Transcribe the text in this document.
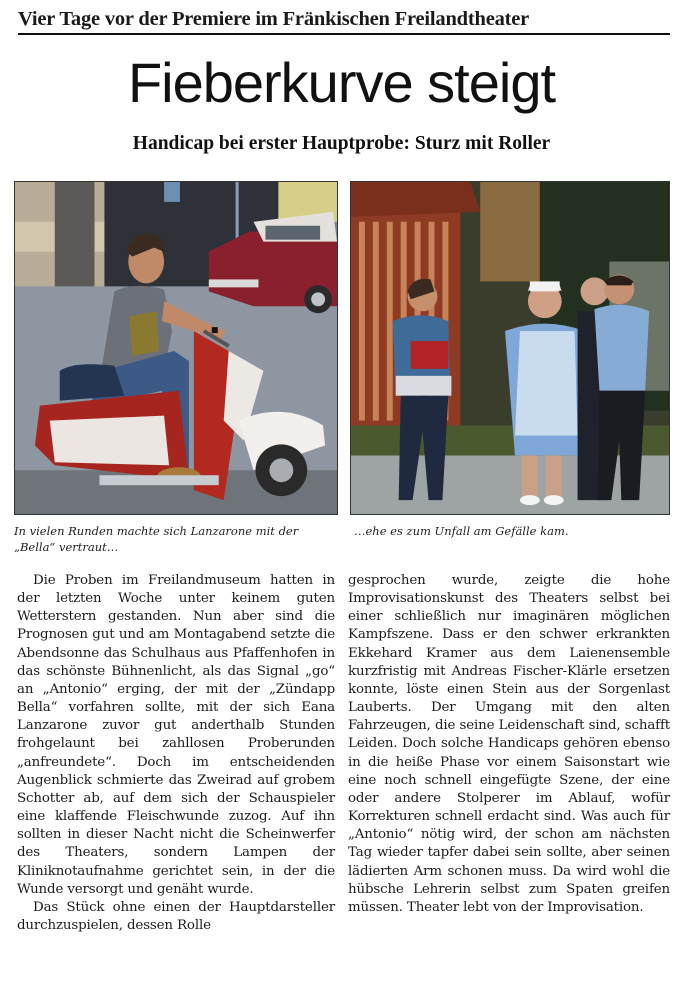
Vier Tage vor der Premiere im Fränkischen Freilandtheater
Fieberkurve steigt
Handicap bei erster Hauptprobe: Sturz mit Roller
In vielen Runden machte sich Lanzarone mit der „Bella“ vertraut…
…ehe es zum Unfall am Gefälle kam.

Die Proben im Freilandmuseum hatten in der letzten Woche unter keinem guten Wetterstern gestanden. Nun aber sind die Prognosen gut und am Montagabend setzte die Abendsonne das Schulhaus aus Pfaffenhofen in das schönste Bühnenlicht, als das Signal „go“ an „Antonio“ erging, der mit der „Zündapp Bella“ vorfahren sollte, mit der sich Eana Lanzarone zuvor gut anderthalb Stunden frohgelaunt bei zahllosen Proberunden „anfreundete“. Doch im entscheidenden Augenblick schmierte das Zweirad auf grobem Schotter ab, auf dem sich der Schauspieler eine klaffende Fleischwunde zuzog. Auf ihn sollten in dieser Nacht nicht die Scheinwerfer des Theaters, sondern Lampen der Kliniknotaufnahme gerichtet sein, in der die Wunde versorgt und genäht wurde.

Das Stück ohne einen der Hauptdarsteller durchzuspielen, dessen Rolle

gesprochen wurde, zeigte die hohe Improvisationskunst des Theaters selbst bei einer schließlich nur imaginären möglichen Kampfszene. Dass er den schwer erkrankten Ekkehard Kramer aus dem Laienensemble kurzfristig mit Andreas Fischer-Klärle ersetzen konnte, löste einen Stein aus der Sorgenlast Lauberts. Der Umgang mit den alten Fahrzeugen, die seine Leidenschaft sind, schafft Leiden. Doch solche Handicaps gehören ebenso in die heiße Phase vor einem Saisonstart wie eine noch schnell eingefügte Szene, der eine oder andere Stolperer im Ablauf, wofür Korrekturen schnell erdacht sind. Was auch für „Antonio“ nötig wird, der schon am nächsten Tag wieder tapfer dabei sein sollte, aber seinen lädierten Arm schonen muss. Da wird wohl die hübsche Lehrerin selbst zum Spaten greifen müssen. Theater lebt von der Improvisation.
